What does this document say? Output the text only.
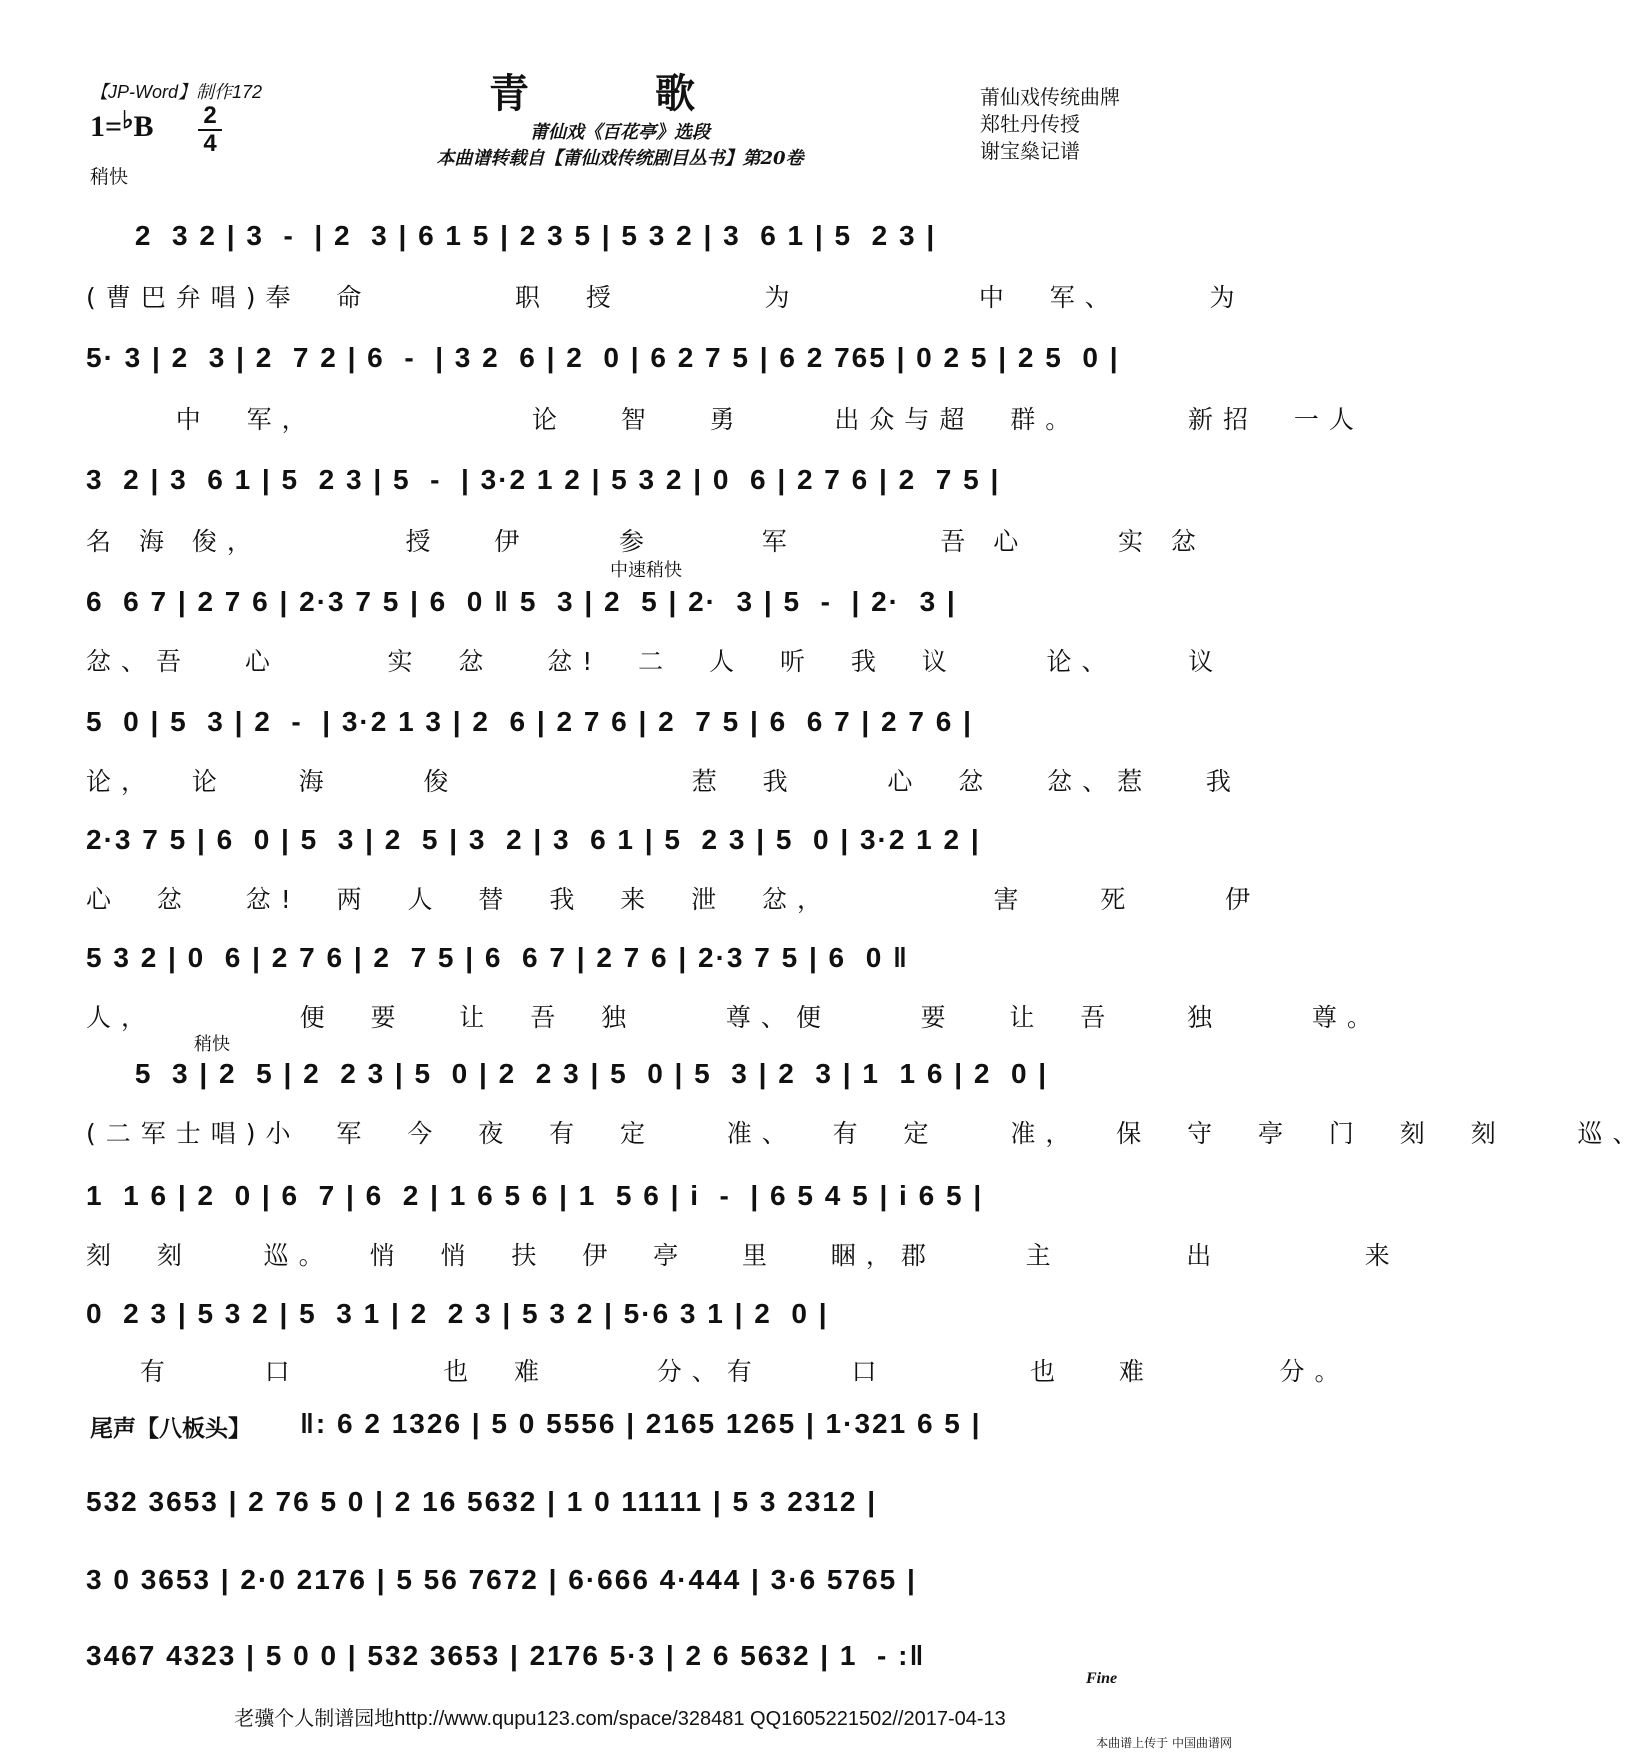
【JP-Word】制作172	青 歌
1=♭B 2
4
稍快
莆仙戏《百花亭》选段
本曲谱转载自【莆仙戏传统剧目丛书】第20卷
莆仙戏传统曲牌
郑牡丹传授
谢宝燊记谱
2  3 2 | 3  -  | 2  3 | 6 1 5 | 2 3 5 | 5 3 2 | 3  6 1 | 5  2 3 |
(曹巴弁唱)奉  命        职  授        为          中  军、     为
5· 3 | 2  3 | 2  7 2 | 6  -  | 3 2  6 | 2  0 | 6 2 7 5 | 6 2 765 | 0 2 5 | 2 5  0 |
中  军，            论   智   勇     出众与超  群。      新招  一人
3  2 | 3  6 1 | 5  2 3 | 5  -  | 3·2 1 2 | 5 3 2 | 0  6 | 2 7 6 | 2  7 5 |
名 海 俊，        授   伊     参      军        吾 心     实 忿
中速稍快
6  6 7 | 2 7 6 | 2·3 7 5 | 6  0 ‖ 5  3 | 2  5 | 2·  3 | 5  -  | 2·  3 |
忿、吾   心      实  忿   忿!  二  人  听  我  议     论、    议
5  0 | 5  3 | 2  -  | 3·2 1 3 | 2  6 | 2 7 6 | 2  7 5 | 6  6 7 | 2 7 6 |
论，  论    海     俊             惹  我     心  忿   忿、惹   我
2·3 7 5 | 6  0 | 5  3 | 2  5 | 3  2 | 3  6 1 | 5  2 3 | 5  0 | 3·2 1 2 |
心  忿   忿!  两  人  替  我  来  泄  忿，         害    死     伊
5 3 2 | 0  6 | 2 7 6 | 2  7 5 | 6  6 7 | 2 7 6 | 2·3 7 5 | 6  0 ‖
人，        便  要   让  吾  独     尊、便     要   让  吾    独     尊。
稍快
5  3 | 2  5 | 2  2 3 | 5  0 | 2  2 3 | 5  0 | 5  3 | 2  3 | 1  1 6 | 2  0 |
(二军士唱)小  军  今  夜  有  定    准、  有  定    准，  保  守  亭  门  刻  刻    巡、
1  1 6 | 2  0 | 6  7 | 6  2 | 1 6 5 6 | 1  5 6 | i  -  | 6 5 4 5 | i 6 5 |
刻  刻    巡。  悄  悄  扶  伊  亭   里   睏，郡     主       出        来
0  2 3 | 5 3 2 | 5  3 1 | 2  2 3 | 5 3 2 | 5·6 3 1 | 2  0 |
有     口        也  难      分、有     口        也   难       分。
尾声【八板头】 ‖: 6 2 1326 | 5 0 5556 | 2165 1265 | 1·321 6 5 |
532 3653 | 2 76 5 0 | 2 16 5632 | 1 0 11111 | 5 3 2312 |
3 0 3653 | 2·0 2176 | 5 56 7672 | 6·666 4·444 | 3·6 5765 |
3467 4323 | 5 0 0 | 532 3653 | 2176 5·3 | 2 6 5632 | 1  - :‖
Fine
老骥个人制谱园地http://www.qupu123.com/space/328481 QQ1605221502//2017-04-13
本曲谱上传于 中国曲谱网
